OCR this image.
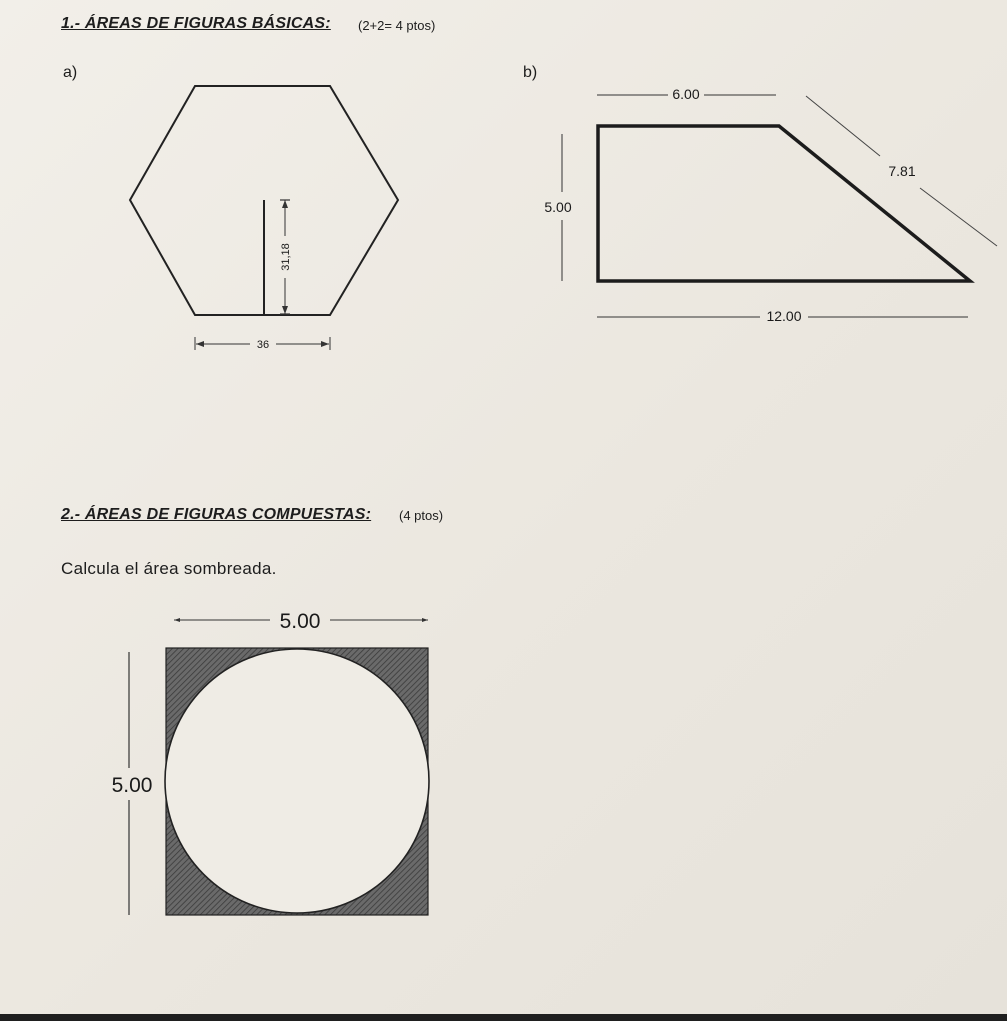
1.- ÁREAS DE FIGURAS BÁSICAS: (2+2= 4 ptos)
a)	b)
2.- ÁREAS DE FIGURAS COMPUESTAS: (4 ptos)
Calcula el área sombreada.
31,18
36
6.00
7.81
5.00
12.00
5.00
5.00
